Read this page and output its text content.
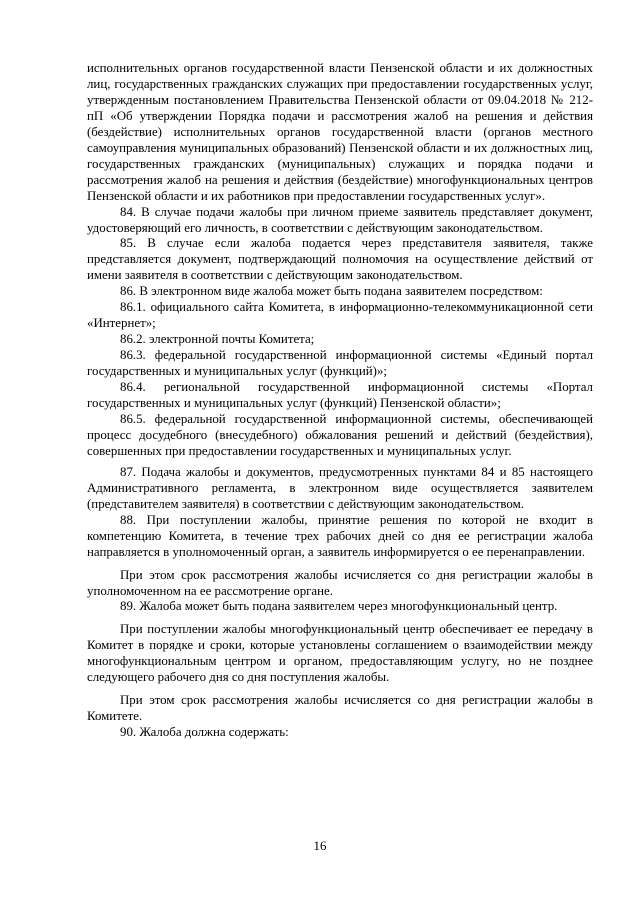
исполнительных органов государственной власти Пензенской области и их должностных лиц, государственных гражданских служащих при предоставлении государственных услуг, утвержденным постановлением Правительства Пензенской области от 09.04.2018 № 212-пП «Об утверждении Порядка подачи и рассмотрения жалоб на решения и действия (бездействие) исполнительных органов государственной власти (органов местного самоуправления муниципальных образований) Пензенской области и их должностных лиц, государственных гражданских (муниципальных) служащих и порядка подачи и рассмотрения жалоб на решения и действия (бездействие) многофункциональных центров Пензенской области и их работников при предоставлении государственных услуг».

84. В случае подачи жалобы при личном приеме заявитель представляет документ, удостоверяющий его личность, в соответствии с действующим законодательством.

85. В случае если жалоба подается через представителя заявителя, также представляется документ, подтверждающий полномочия на осуществление действий от имени заявителя в соответствии с действующим законодательством.

86. В электронном виде жалоба может быть подана заявителем посредством:

86.1. официального сайта Комитета, в информационно-телекоммуникационной сети «Интернет»;

86.2. электронной почты Комитета;

86.3. федеральной государственной информационной системы «Единый портал государственных и муниципальных услуг (функций)»;

86.4. региональной государственной информационной системы «Портал государственных и муниципальных услуг (функций) Пензенской области»;

86.5. федеральной государственной информационной системы, обеспечивающей процесс досудебного (внесудебного) обжалования решений и действий (бездействия), совершенных при предоставлении государственных и муниципальных услуг.

87. Подача жалобы и документов, предусмотренных пунктами 84 и 85 настоящего Административного регламента, в электронном виде осуществляется заявителем (представителем заявителя) в соответствии с действующим законодательством.

88. При поступлении жалобы, принятие решения по которой не входит в компетенцию Комитета, в течение трех рабочих дней со дня ее регистрации жалоба направляется в уполномоченный орган, а заявитель информируется о ее перенаправлении.

При этом срок рассмотрения жалобы исчисляется со дня регистрации жалобы в уполномоченном на ее рассмотрение органе.

89. Жалоба может быть подана заявителем через многофункциональный центр.

При поступлении жалобы многофункциональный центр обеспечивает ее передачу в Комитет в порядке и сроки, которые установлены соглашением о взаимодействии между многофункциональным центром и органом, предоставляющим услугу, но не позднее следующего рабочего дня со дня поступления жалобы.

При этом срок рассмотрения жалобы исчисляется со дня регистрации жалобы в Комитете.

90. Жалоба должна содержать:

16
